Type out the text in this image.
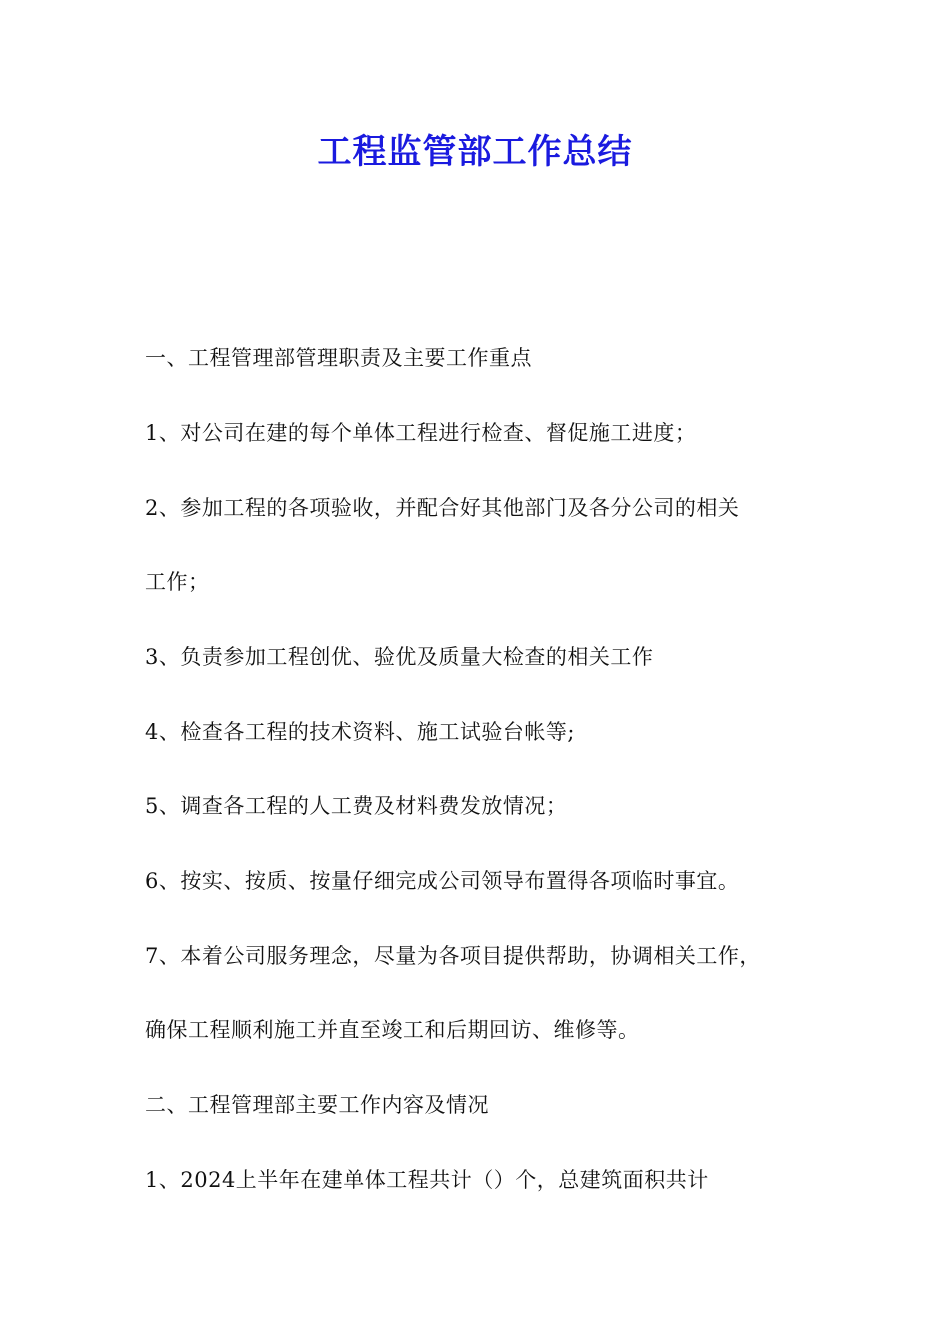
工程监管部工作总结
一、工程管理部管理职责及主要工作重点
1、对公司在建的每个单体工程进行检查、督促施工进度；
2、参加工程的各项验收，并配合好其他部门及各分公司的相关
工作；
3、负责参加工程创优、验优及质量大检查的相关工作
4、检查各工程的技术资料、施工试验台帐等;
5、调查各工程的人工费及材料费发放情况；
6、按实、按质、按量仔细完成公司领导布置得各项临时事宜。
7、本着公司服务理念，尽量为各项目提供帮助，协调相关工作，
确保工程顺利施工并直至竣工和后期回访、维修等。
二、工程管理部主要工作内容及情况
1、2024上半年在建单体工程共计（）个，总建筑面积共计
